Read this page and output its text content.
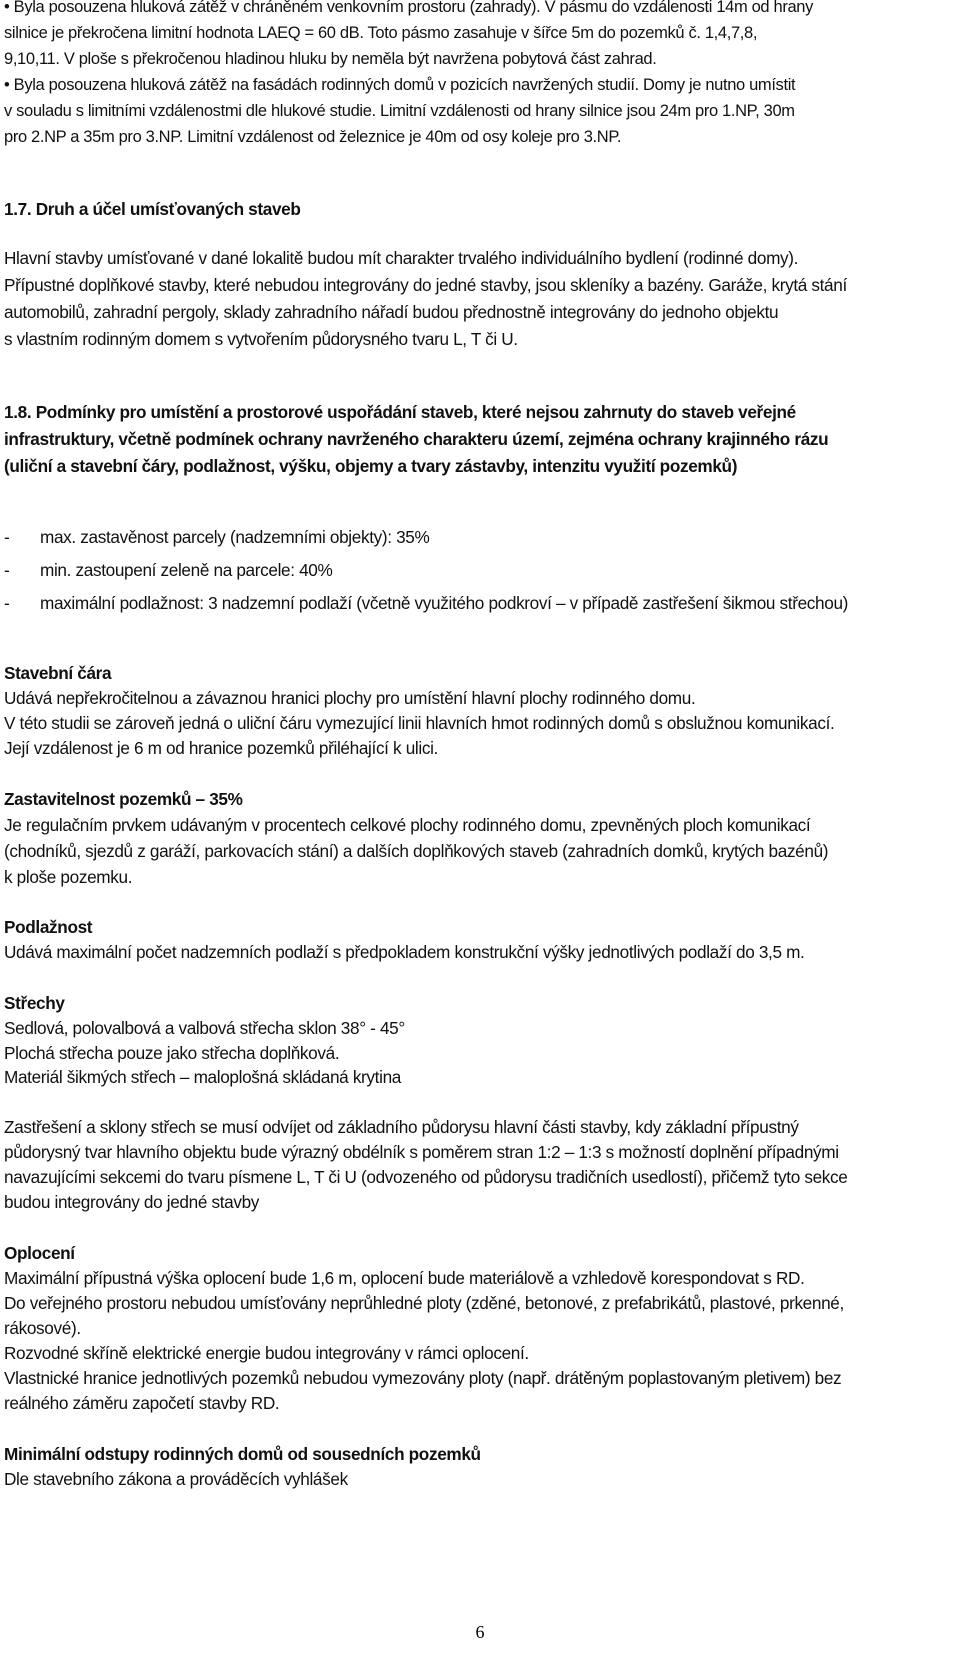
• Byla posouzena hluková zátěž v chráněném venkovním prostoru (zahrady). V pásmu do vzdálenosti 14m od hrany

silnice je překročena limitní hodnota LAEQ = 60 dB. Toto pásmo zasahuje v šířce 5m do pozemků č. 1,4,7,8,

9,10,11. V ploše s překročenou hladinou hluku by neměla být navržena pobytová část zahrad.

• Byla posouzena hluková zátěž na fasádách rodinných domů v pozicích navržených studií. Domy je nutno umístit

v souladu s limitními vzdálenostmi dle hlukové studie. Limitní vzdálenosti od hrany silnice jsou 24m pro 1.NP, 30m

pro 2.NP a 35m pro 3.NP. Limitní vzdálenost od železnice je 40m od osy koleje pro 3.NP.

1.7. Druh a účel umísťovaných staveb

Hlavní stavby umísťované v dané lokalitě budou mít charakter trvalého individuálního bydlení (rodinné domy).

Přípustné doplňkové stavby, které nebudou integrovány do jedné stavby, jsou skleníky a bazény. Garáže, krytá stání

automobilů, zahradní pergoly, sklady zahradního nářadí budou přednostně integrovány do jednoho objektu

s vlastním rodinným domem s vytvořením půdorysného tvaru L, T či U.

1.8. Podmínky pro umístění a prostorové uspořádání staveb, které nejsou zahrnuty do staveb veřejné

infrastruktury, včetně podmínek ochrany navrženého charakteru území, zejména ochrany krajinného rázu

(uliční a stavební čáry, podlažnost, výšku, objemy a tvary zástavby, intenzitu využití pozemků)

- max. zastavěnost parcely (nadzemními objekty): 35%

- min. zastoupení zeleně na parcele: 40%

- maximální podlažnost: 3 nadzemní podlaží (včetně využitého podkroví – v případě zastřešení šikmou střechou)

Stavební čára

Udává nepřekročitelnou a závaznou hranici plochy pro umístění hlavní plochy rodinného domu.

V této studii se zároveň jedná o uliční čáru vymezující linii hlavních hmot rodinných domů s obslužnou komunikací.

Její vzdálenost je 6 m od hranice pozemků přiléhající k ulici.

Zastavitelnost pozemků – 35%

Je regulačním prvkem udávaným v procentech celkové plochy rodinného domu, zpevněných ploch komunikací

(chodníků, sjezdů z garáží, parkovacích stání) a dalších doplňkových staveb (zahradních domků, krytých bazénů)

k ploše pozemku.

Podlažnost

Udává maximální počet nadzemních podlaží s předpokladem konstrukční výšky jednotlivých podlaží do 3,5 m.

Střechy

Sedlová, polovalbová a valbová střecha sklon 38° - 45°

Plochá střecha pouze jako střecha doplňková.

Materiál šikmých střech – maloplošná skládaná krytina

Zastřešení a sklony střech se musí odvíjet od základního půdorysu hlavní části stavby, kdy základní přípustný

půdorysný tvar hlavního objektu bude výrazný obdélník s poměrem stran 1:2 – 1:3 s možností doplnění případnými

navazujícími sekcemi do tvaru písmene L, T či U (odvozeného od půdorysu tradičních usedlostí), přičemž tyto sekce

budou integrovány do jedné stavby

Oplocení

Maximální přípustná výška oplocení bude 1,6 m, oplocení bude materiálově a vzhledově korespondovat s RD.

Do veřejného prostoru nebudou umísťovány neprůhledné ploty (zděné, betonové, z prefabrikátů, plastové, prkenné,

rákosové).

Rozvodné skříně elektrické energie budou integrovány v rámci oplocení.

Vlastnické hranice jednotlivých pozemků nebudou vymezovány ploty (např. drátěným poplastovaným pletivem) bez

reálného záměru započetí stavby RD.

Minimální odstupy rodinných domů od sousedních pozemků

Dle stavebního zákona a prováděcích vyhlášek

6
